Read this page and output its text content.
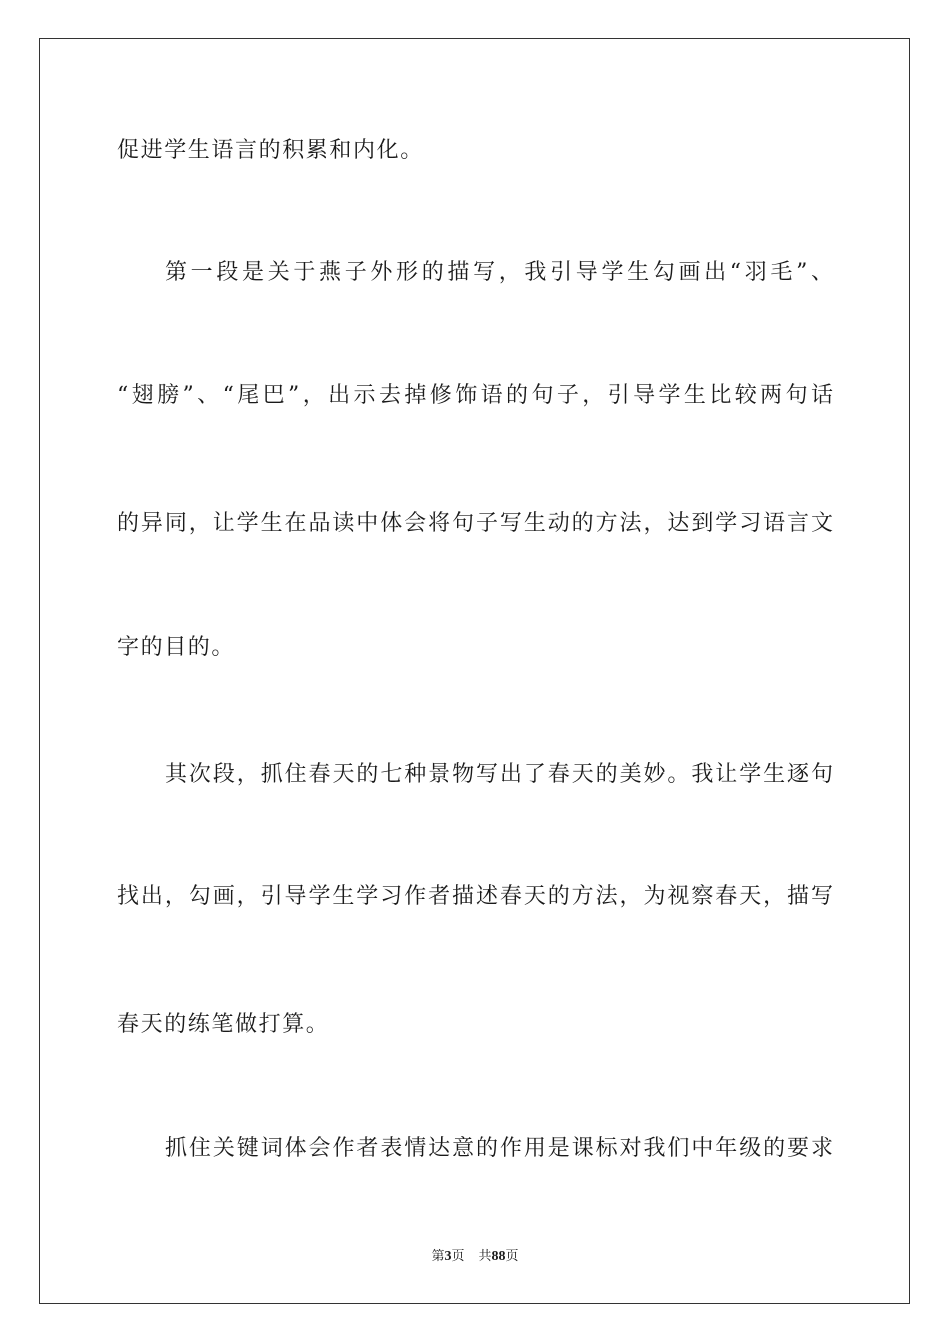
促进学生语言的积累和内化。
第一段是关于燕子外形的描写，我引导学生勾画出“羽毛”、
“翅膀”、“尾巴”，出示去掉修饰语的句子，引导学生比较两句话
的异同，让学生在品读中体会将句子写生动的方法，达到学习语言文
字的目的。
其次段，抓住春天的七种景物写出了春天的美妙。我让学生逐句
找出，勾画，引导学生学习作者描述春天的方法，为视察春天，描写
春天的练笔做打算。
抓住关键词体会作者表情达意的作用是课标对我们中年级的要求
第3页 共88页
